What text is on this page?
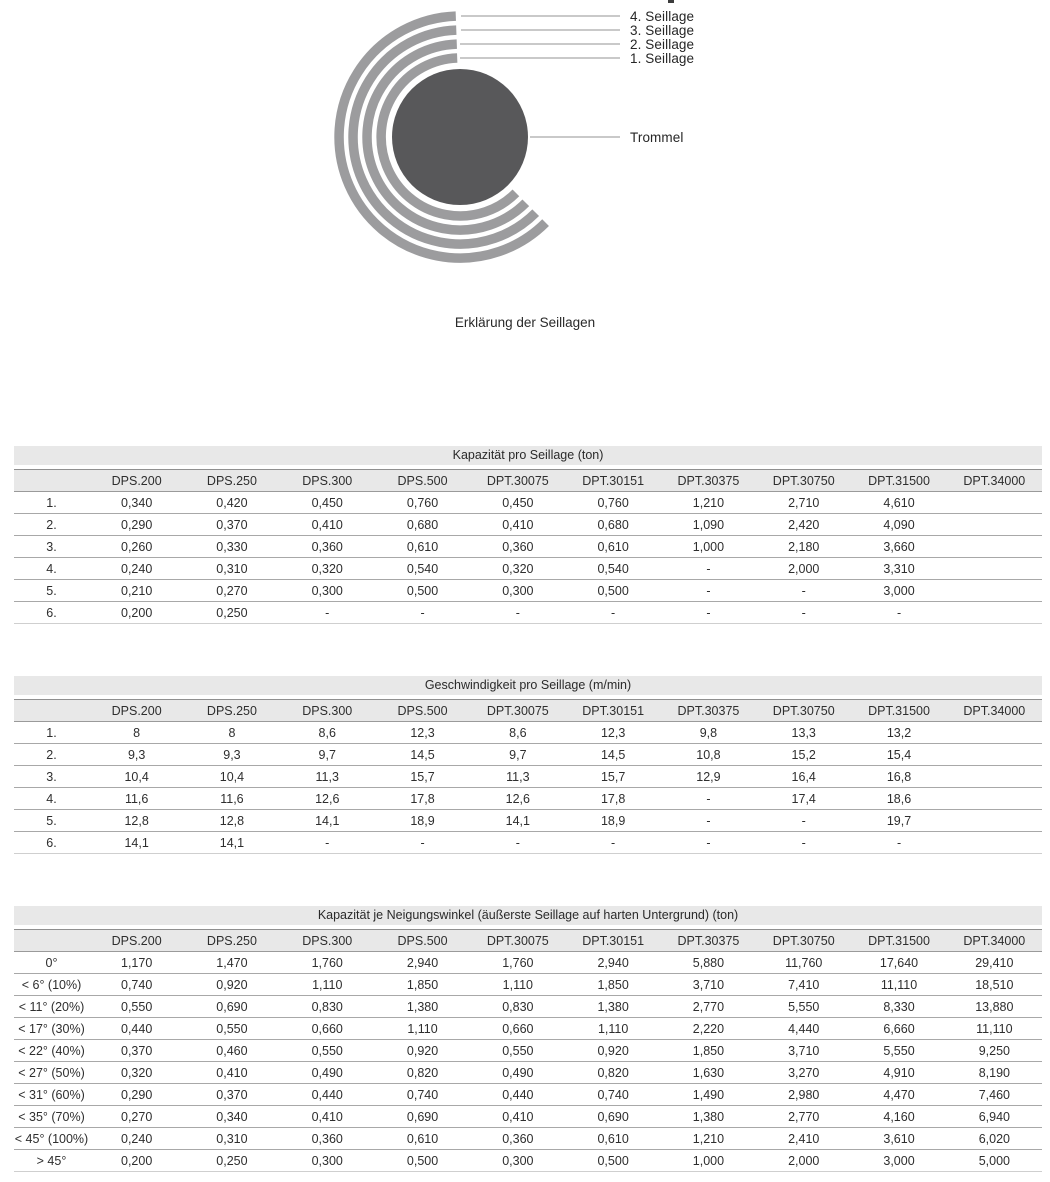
4. Seillage
3. Seillage
2. Seillage
1. Seillage
Trommel
Erklärung der Seillagen
Kapazität pro Seillage (ton)
	DPS.200	DPS.250	DPS.300	DPS.500	DPT.30075	DPT.30151	DPT.30375	DPT.30750	DPT.31500	DPT.34000
1.	0,340	0,420	0,450	0,760	0,450	0,760	1,210	2,710	4,610	
2.	0,290	0,370	0,410	0,680	0,410	0,680	1,090	2,420	4,090	
3.	0,260	0,330	0,360	0,610	0,360	0,610	1,000	2,180	3,660	
4.	0,240	0,310	0,320	0,540	0,320	0,540	-	2,000	3,310	
5.	0,210	0,270	0,300	0,500	0,300	0,500	-	-	3,000	
6.	0,200	0,250	-	-	-	-	-	-	-	
Geschwindigkeit pro Seillage (m/min)
	DPS.200	DPS.250	DPS.300	DPS.500	DPT.30075	DPT.30151	DPT.30375	DPT.30750	DPT.31500	DPT.34000
1.	8	8	8,6	12,3	8,6	12,3	9,8	13,3	13,2	
2.	9,3	9,3	9,7	14,5	9,7	14,5	10,8	15,2	15,4	
3.	10,4	10,4	11,3	15,7	11,3	15,7	12,9	16,4	16,8	
4.	11,6	11,6	12,6	17,8	12,6	17,8	-	17,4	18,6	
5.	12,8	12,8	14,1	18,9	14,1	18,9	-	-	19,7	
6.	14,1	14,1	-	-	-	-	-	-	-	
Kapazität je Neigungswinkel (äußerste Seillage auf harten Untergrund) (ton)
	DPS.200	DPS.250	DPS.300	DPS.500	DPT.30075	DPT.30151	DPT.30375	DPT.30750	DPT.31500	DPT.34000
0°	1,170	1,470	1,760	2,940	1,760	2,940	5,880	11,760	17,640	29,410
< 6° (10%)	0,740	0,920	1,110	1,850	1,110	1,850	3,710	7,410	11,110	18,510
< 11° (20%)	0,550	0,690	0,830	1,380	0,830	1,380	2,770	5,550	8,330	13,880
< 17° (30%)	0,440	0,550	0,660	1,110	0,660	1,110	2,220	4,440	6,660	11,110
< 22° (40%)	0,370	0,460	0,550	0,920	0,550	0,920	1,850	3,710	5,550	9,250
< 27° (50%)	0,320	0,410	0,490	0,820	0,490	0,820	1,630	3,270	4,910	8,190
< 31° (60%)	0,290	0,370	0,440	0,740	0,440	0,740	1,490	2,980	4,470	7,460
< 35° (70%)	0,270	0,340	0,410	0,690	0,410	0,690	1,380	2,770	4,160	6,940
< 45° (100%)	0,240	0,310	0,360	0,610	0,360	0,610	1,210	2,410	3,610	6,020
> 45°	0,200	0,250	0,300	0,500	0,300	0,500	1,000	2,000	3,000	5,000
